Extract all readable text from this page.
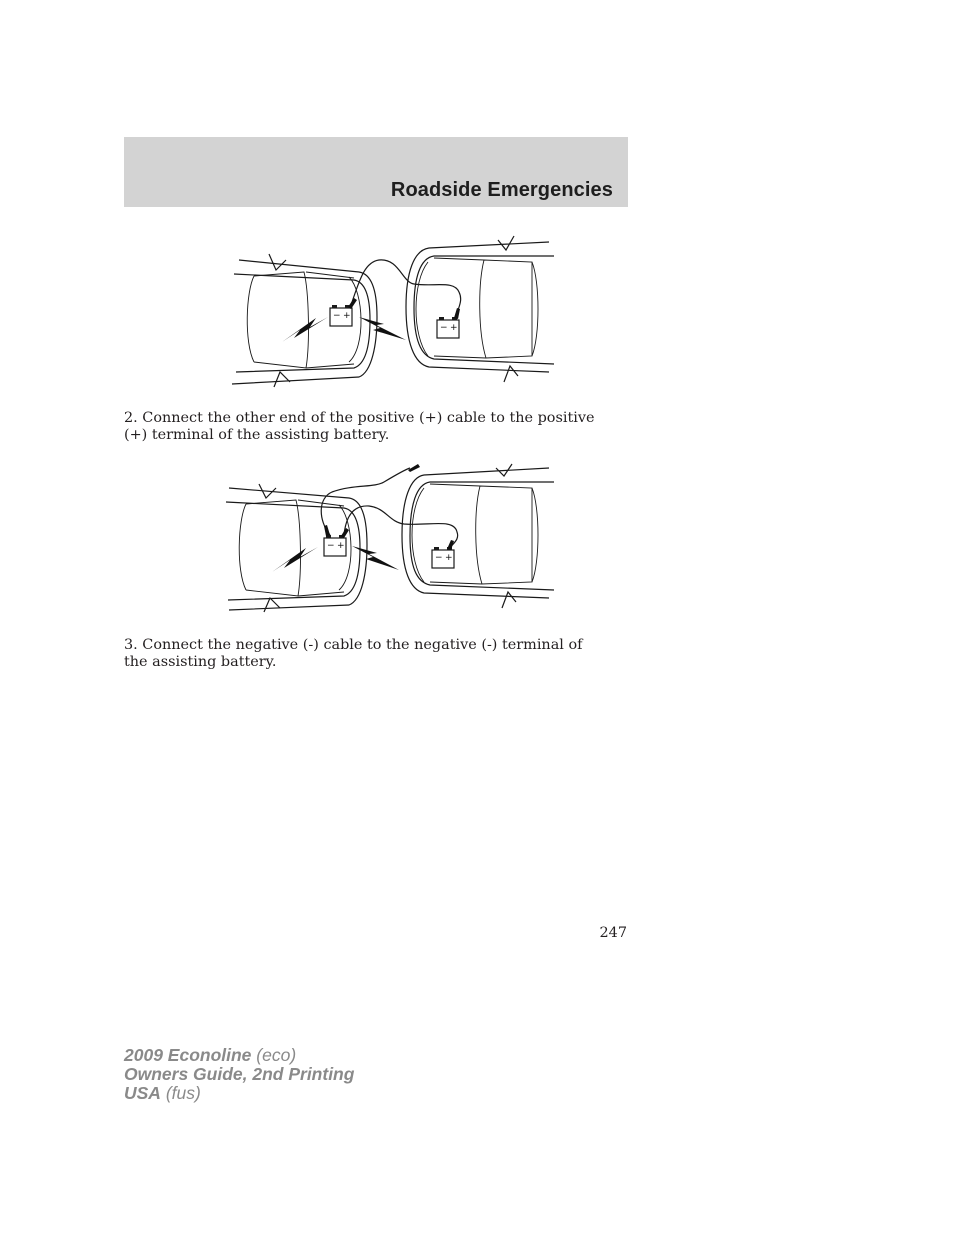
Roadside Emergencies
− +
− +

2. Connect the other end of the positive (+) cable to the positive (+) terminal of the assisting battery.

− +
− +

3. Connect the negative (-) cable to the negative (-) terminal of the assisting battery.

247
2009 Econoline (eco)
Owners Guide, 2nd Printing
USA (fus)
